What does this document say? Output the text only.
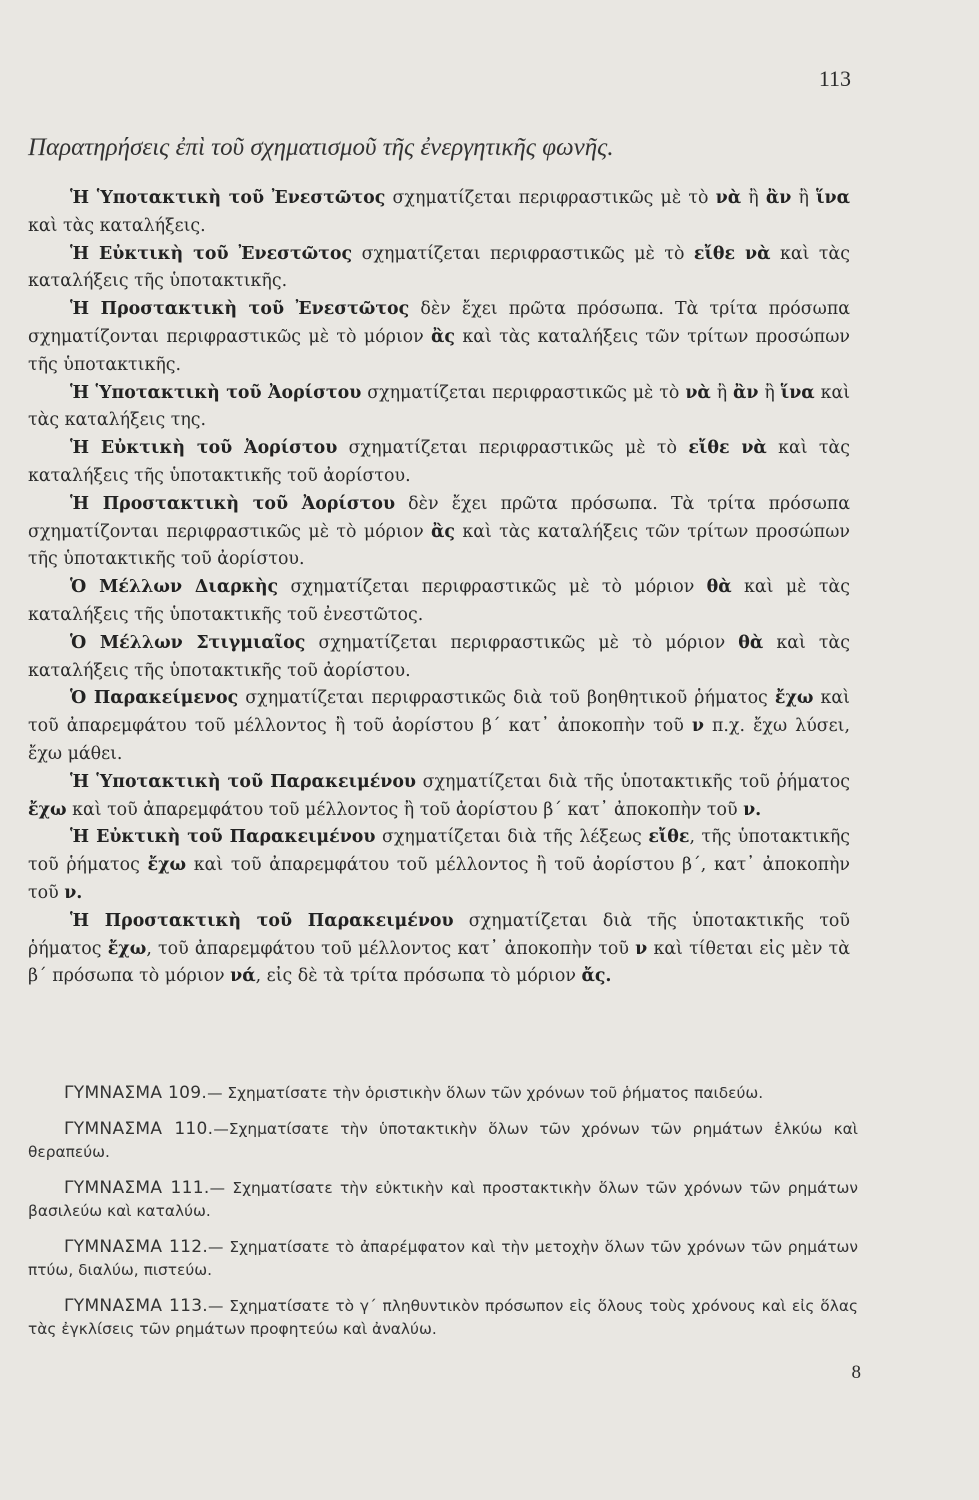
113
Παρατηρήσεις ἐπὶ τοῦ σχηματισμοῦ τῆς ἐνεργητικῆς φωνῆς.

Ἡ Ὑποτακτικὴ τοῦ Ἐνεστῶτος σχηματίζεται περιφραστικῶς μὲ τὸ νὰ ἢ ἂν ἢ ἵνα καὶ τὰς καταλήξεις.

Ἡ Εὐκτικὴ τοῦ Ἐνεστῶτος σχηματίζεται περιφραστικῶς μὲ τὸ εἴθε νὰ καὶ τὰς καταλήξεις τῆς ὑποτακτικῆς.

Ἡ Προστακτικὴ τοῦ Ἐνεστῶτος δὲν ἔχει πρῶτα πρόσωπα. Τὰ τρίτα πρόσωπα σχηματίζονται περιφραστικῶς μὲ τὸ μόριον ἂς καὶ τὰς καταλήξεις τῶν τρίτων προσώπων τῆς ὑποτακτικῆς.

Ἡ Ὑποτακτικὴ τοῦ Ἀορίστου σχηματίζεται περιφραστικῶς μὲ τὸ νὰ ἢ ἂν ἢ ἵνα καὶ τὰς καταλήξεις της.

Ἡ Εὐκτικὴ τοῦ Ἀορίστου σχηματίζεται περιφραστικῶς μὲ τὸ εἴθε νὰ καὶ τὰς καταλήξεις τῆς ὑποτακτικῆς τοῦ ἀορίστου.

Ἡ Προστακτικὴ τοῦ Ἀορίστου δὲν ἔχει πρῶτα πρόσωπα. Τὰ τρίτα πρόσωπα σχηματίζονται περιφραστικῶς μὲ τὸ μόριον ἂς καὶ τὰς καταλήξεις τῶν τρίτων προσώπων τῆς ὑποτακτικῆς τοῦ ἀορίστου.

Ὁ Μέλλων Διαρκὴς σχηματίζεται περιφραστικῶς μὲ τὸ μόριον θὰ καὶ μὲ τὰς καταλήξεις τῆς ὑποτακτικῆς τοῦ ἐνεστῶτος.

Ὁ Μέλλων Στιγμιαῖος σχηματίζεται περιφραστικῶς μὲ τὸ μόριον θὰ καὶ τὰς καταλήξεις τῆς ὑποτακτικῆς τοῦ ἀορίστου.

Ὁ Παρακείμενος σχηματίζεται περιφραστικῶς διὰ τοῦ βοηθητικοῦ ῥήματος ἔχω καὶ τοῦ ἀπαρεμφάτου τοῦ μέλλοντος ἢ τοῦ ἀορίστου β΄ κατ᾽ ἀποκοπὴν τοῦ ν π.χ. ἔχω λύσει, ἔχω μάθει.

Ἡ Ὑποτακτικὴ τοῦ Παρακειμένου σχηματίζεται διὰ τῆς ὑποτακτικῆς τοῦ ῥήματος ἔχω καὶ τοῦ ἀπαρεμφάτου τοῦ μέλλοντος ἢ τοῦ ἀορίστου β΄ κατ᾽ ἀποκοπὴν τοῦ ν.

Ἡ Εὐκτικὴ τοῦ Παρακειμένου σχηματίζεται διὰ τῆς λέξεως εἴθε, τῆς ὑποτακτικῆς τοῦ ῥήματος ἔχω καὶ τοῦ ἀπαρεμφάτου τοῦ μέλλοντος ἢ τοῦ ἀορίστου β΄, κατ᾽ ἀποκοπὴν τοῦ ν.

Ἡ Προστακτικὴ τοῦ Παρακειμένου σχηματίζεται διὰ τῆς ὑποτακτικῆς τοῦ ῥήματος ἔχω, τοῦ ἀπαρεμφάτου τοῦ μέλλοντος κατ᾽ ἀποκοπὴν τοῦ ν καὶ τίθεται εἰς μὲν τὰ β΄ πρόσωπα τὸ μόριον νά, εἰς δὲ τὰ τρίτα πρόσωπα τὸ μόριον ἄς.

ΓΥΜΝΑΣΜΑ 109.— Σχηματίσατε τὴν ὁριστικὴν ὅλων τῶν χρόνων τοῦ ῥήματος παιδεύω.

ΓΥΜΝΑΣΜΑ 110.—Σχηματίσατε τὴν ὑποτακτικὴν ὅλων τῶν χρόνων τῶν ρημάτων ἑλκύω καὶ θεραπεύω.

ΓΥΜΝΑΣΜΑ 111.— Σχηματίσατε τὴν εὐκτικὴν καὶ προστακτικὴν ὅλων τῶν χρόνων τῶν ρημάτων βασιλεύω καὶ καταλύω.

ΓΥΜΝΑΣΜΑ 112.— Σχηματίσατε τὸ ἀπαρέμφατον καὶ τὴν μετοχὴν ὅλων τῶν χρόνων τῶν ρημάτων πτύω, διαλύω, πιστεύω.

ΓΥΜΝΑΣΜΑ 113.— Σχηματίσατε τὸ γ΄ πληθυντικὸν πρόσωπον εἰς ὅλους τοὺς χρόνους καὶ εἰς ὅλας τὰς ἐγκλίσεις τῶν ρημάτων προφητεύω καὶ ἀναλύω.

8
